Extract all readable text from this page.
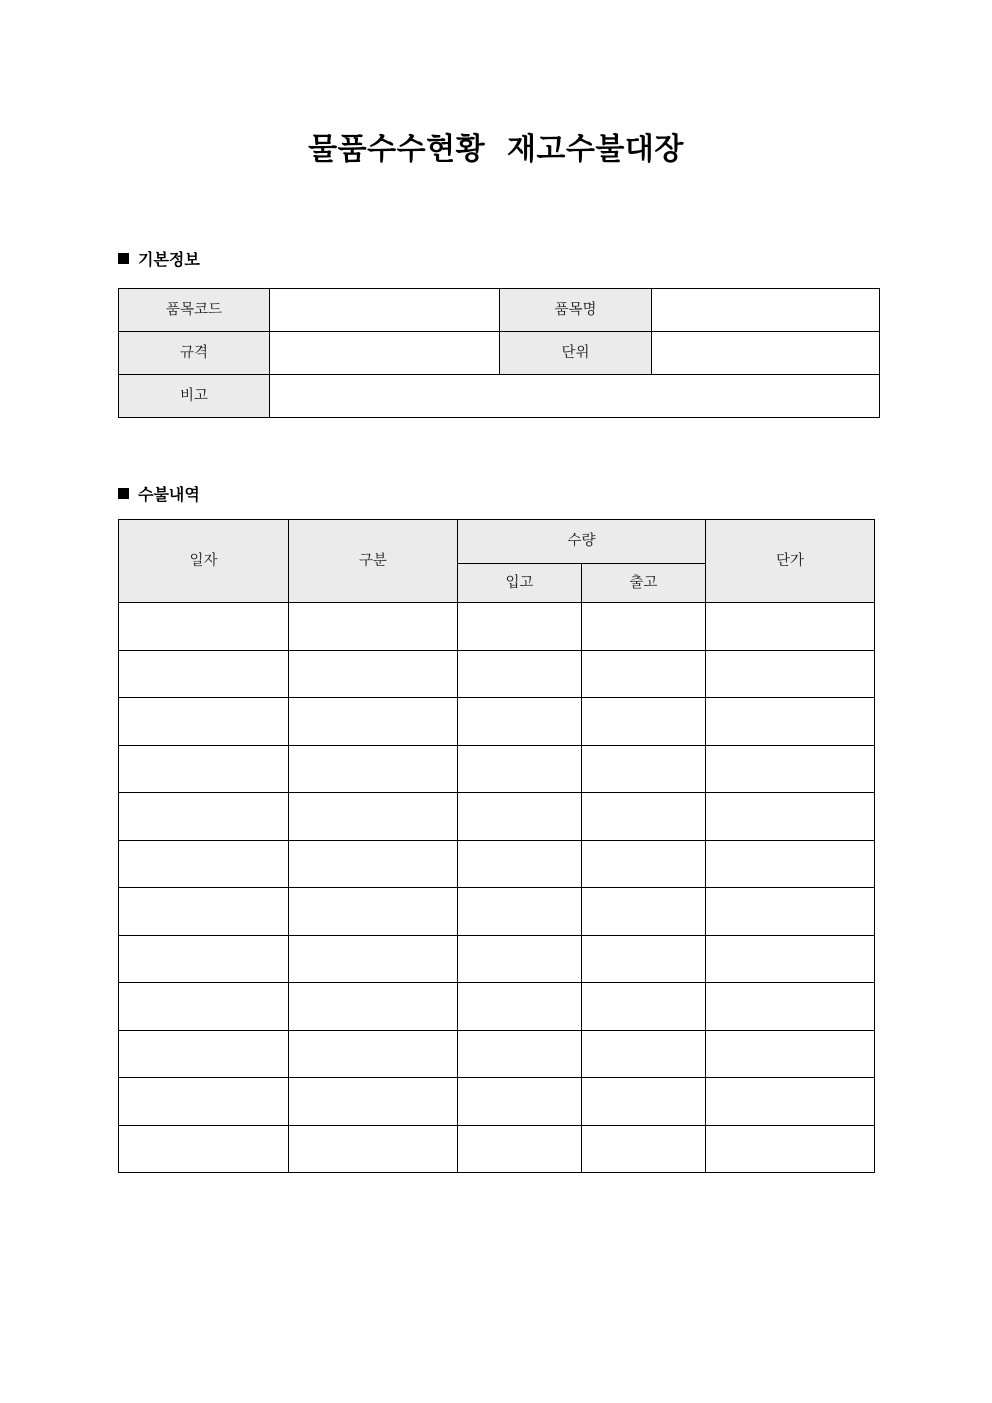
물품수수현황  재고수불대장
기본정보
품목코드		품목명	
규격		단위	
비고			
수불내역
일자	구분	수량		단가
		입고	출고	
